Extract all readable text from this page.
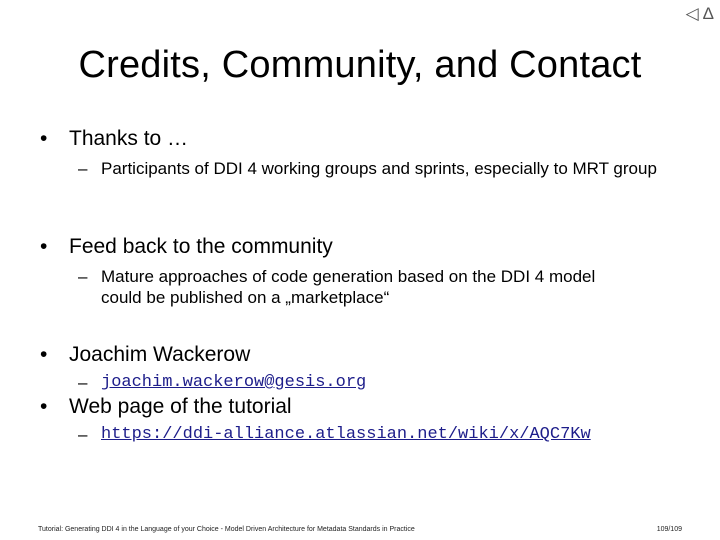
◁ Δ
Credits, Community, and Contact
•	Thanks to …
– Participants of DDI 4 working groups and sprints, especially to MRT group
•	Feed back to the community
– Mature approaches of code generation based on the DDI 4 model could be published on a „marketplace“
•	Joachim Wackerow
– joachim.wackerow@gesis.org
•	Web page of the tutorial
– https://ddi-alliance.atlassian.net/wiki/x/AQC7Kw
Tutorial: Generating DDI 4 in the Language of your Choice - Model Driven Architecture for Metadata Standards in Practice	109/109
